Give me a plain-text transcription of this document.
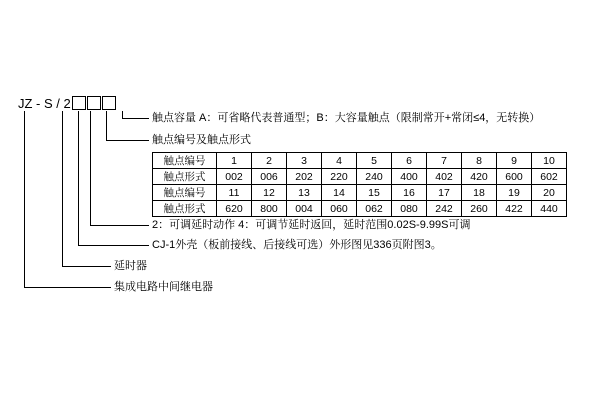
JZ - S / 2
触点容量 A：可省略代表普通型；B：大容量触点（限制常开+常闭≤4，无转换）
触点编号及触点形式
2：可调延时动作 4：可调节延时返回，延时范围0.02S-9.99S可调
CJ-1外壳（板前接线、后接线可选）外形图见336页附图3。
延时器
集成电路中间继电器
触点编号	1	2	3	4	5	6	7	8	9	10
触点形式	002	006	202	220	240	400	402	420	600	602
触点编号	11	12	13	14	15	16	17	18	19	20
触点形式	620	800	004	060	062	080	242	260	422	440
